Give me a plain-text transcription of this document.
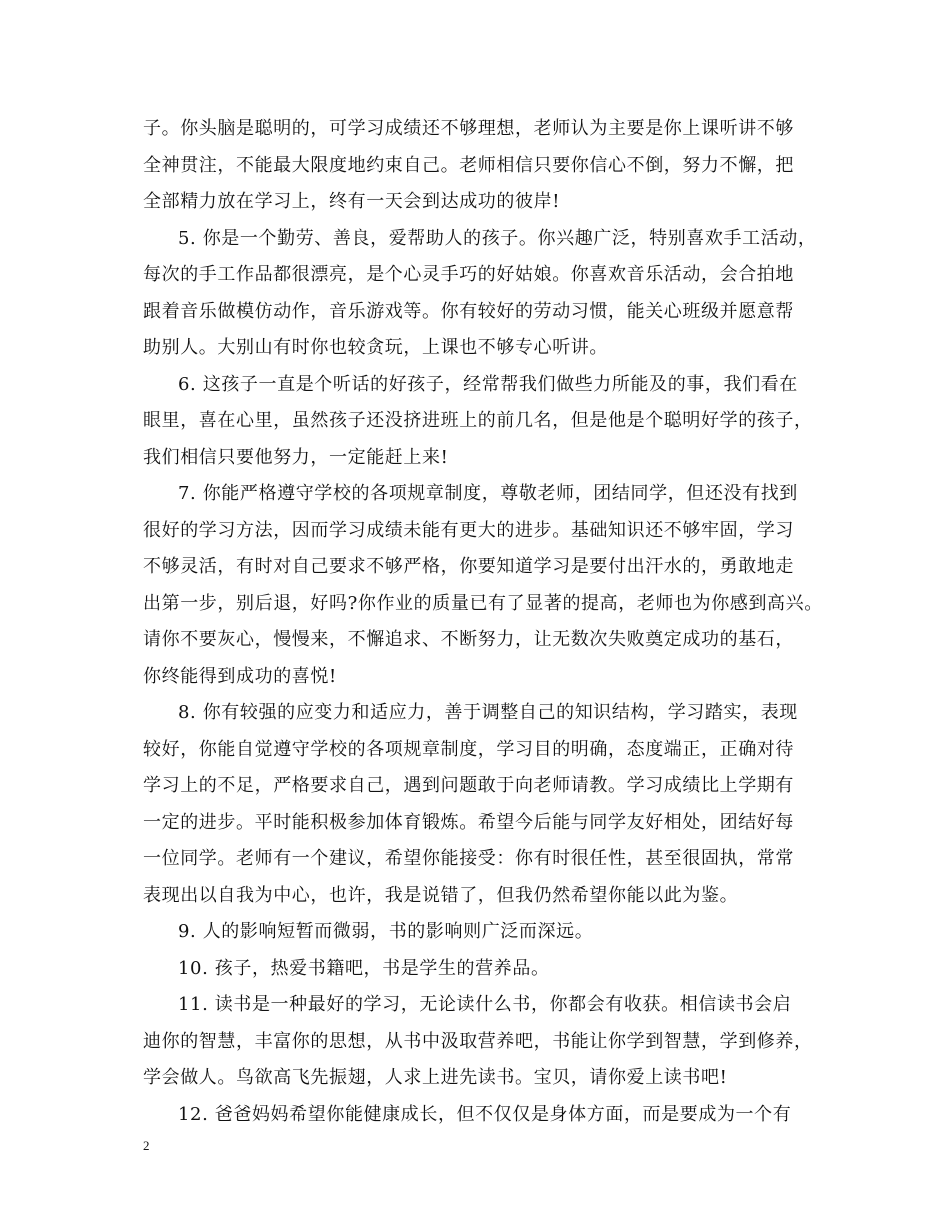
子。你头脑是聪明的，可学习成绩还不够理想，老师认为主要是你上课听讲不够
全神贯注，不能最大限度地约束自己。老师相信只要你信心不倒，努力不懈，把
全部精力放在学习上，终有一天会到达成功的彼岸!
5. 你是一个勤劳、善良，爱帮助人的孩子。你兴趣广泛，特别喜欢手工活动，
每次的手工作品都很漂亮，是个心灵手巧的好姑娘。你喜欢音乐活动，会合拍地
跟着音乐做模仿动作，音乐游戏等。你有较好的劳动习惯，能关心班级并愿意帮
助别人。大别山有时你也较贪玩，上课也不够专心听讲。
6. 这孩子一直是个听话的好孩子，经常帮我们做些力所能及的事，我们看在
眼里，喜在心里，虽然孩子还没挤进班上的前几名，但是他是个聪明好学的孩子，
我们相信只要他努力，一定能赶上来!
7. 你能严格遵守学校的各项规章制度，尊敬老师，团结同学，但还没有找到
很好的学习方法，因而学习成绩未能有更大的进步。基础知识还不够牢固，学习
不够灵活，有时对自己要求不够严格，你要知道学习是要付出汗水的，勇敢地走
出第一步，别后退，好吗?你作业的质量已有了显著的提高，老师也为你感到高兴。
请你不要灰心，慢慢来，不懈追求、不断努力，让无数次失败奠定成功的基石，
你终能得到成功的喜悦!
8. 你有较强的应变力和适应力，善于调整自己的知识结构，学习踏实，表现
较好，你能自觉遵守学校的各项规章制度，学习目的明确，态度端正，正确对待
学习上的不足，严格要求自己，遇到问题敢于向老师请教。学习成绩比上学期有
一定的进步。平时能积极参加体育锻炼。希望今后能与同学友好相处，团结好每
一位同学。老师有一个建议，希望你能接受：你有时很任性，甚至很固执，常常
表现出以自我为中心，也许，我是说错了，但我仍然希望你能以此为鉴。
9. 人的影响短暂而微弱，书的影响则广泛而深远。
10. 孩子，热爱书籍吧，书是学生的营养品。
11. 读书是一种最好的学习，无论读什么书，你都会有收获。相信读书会启
迪你的智慧，丰富你的思想，从书中汲取营养吧，书能让你学到智慧，学到修养，
学会做人。鸟欲高飞先振翅，人求上进先读书。宝贝，请你爱上读书吧!
12. 爸爸妈妈希望你能健康成长，但不仅仅是身体方面，而是要成为一个有
2
